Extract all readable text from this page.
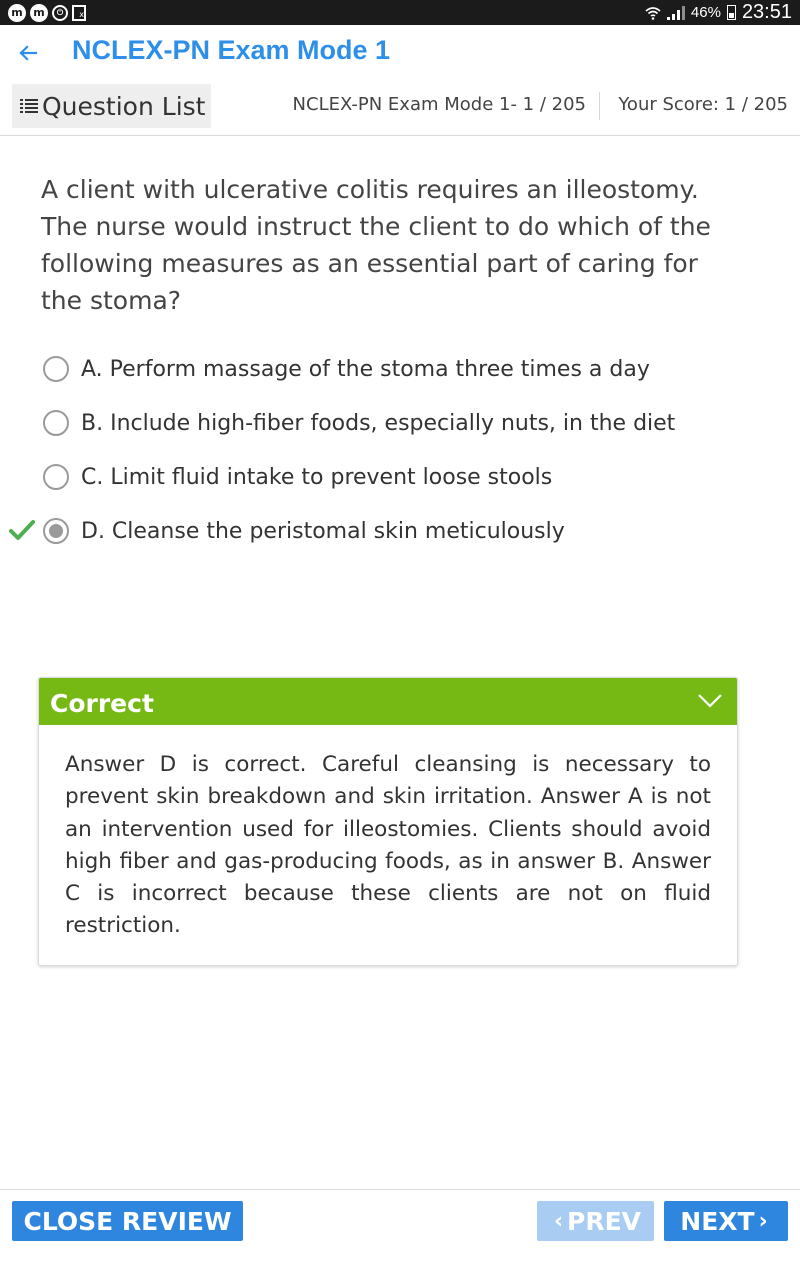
m m	⏻	x	46% 23:51
NCLEX-PN Exam Mode 1
Question List	NCLEX-PN Exam Mode 1- 1 / 205 Your Score: 1 / 205
A client with ulcerative colitis requires an illeostomy. The nurse would instruct the client to do which of the following measures as an essential part of caring for the stoma?
A. Perform massage of the stoma three times a day
B. Include high-fiber foods, especially nuts, in the diet
C. Limit fluid intake to prevent loose stools
D. Cleanse the peristomal skin meticulously
Correct
Answer D is correct. Careful cleansing is necessary to prevent skin breakdown and skin irritation. Answer A is not an intervention used for illeostomies. Clients should avoid high fiber and gas-producing foods, as in answer B. Answer C is incorrect because these clients are not on fluid restriction.
CLOSE REVIEW	‹ PREV NEXT ›
